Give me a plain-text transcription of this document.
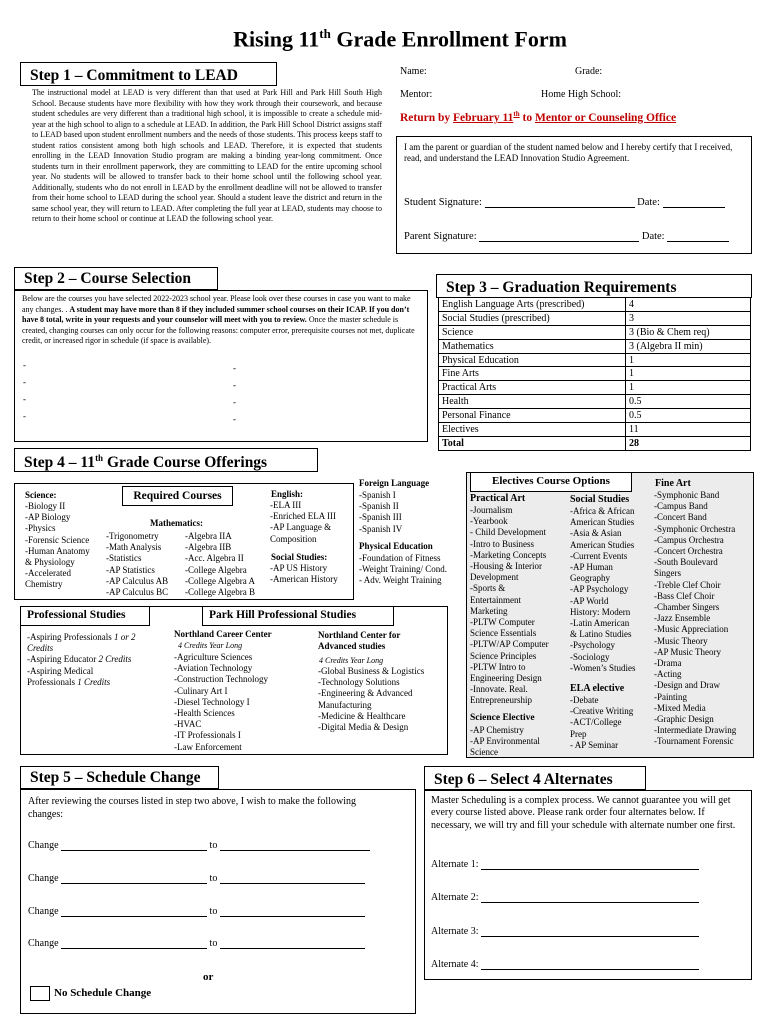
Rising 11th Grade Enrollment Form
Step 1 – Commitment to LEAD
The instructional model at LEAD is very different than that used at Park Hill and Park Hill South High School. Because students have more flexibility with how they work through their coursework, and because student schedules are very different than a traditional high school, it is impossible to create a schedule mid-year at the high school to align to a schedule at LEAD. In addition, the Park Hill School District assigns staff to LEAD based upon student enrollment numbers and the needs of those students. This process keeps staff to student ratios consistent among both high schools and LEAD. Therefore, it is expected that students enrolling in the LEAD Innovation Studio program are making a binding year-long commitment. Once students turn in their enrollment paperwork, they are committing to LEAD for the entire upcoming school year. No students will be allowed to transfer back to their home school until the following school year. Additionally, students who do not enroll in LEAD by the enrollment deadline will not be allowed to transfer from their home school to LEAD during the school year. Should a student leave the district and return in the same school year, they will return to LEAD. After completing the full year at LEAD, students may choose to return to their home school or continue at LEAD the following school year.
Name:	Grade:
Mentor:	Home High School:
Return by February 11th to Mentor or Counseling Office
I am the parent or guardian of the student named below and I hereby certify that I received, read, and understand the LEAD Innovation Studio Agreement.
Student Signature:	Date:
Parent Signature:	Date:
Step 2 – Course Selection
Below are the courses you have selected 2022-2023 school year. Please look over these courses in case you want to make any changes. . A student may have more than 8 if they included summer school courses on their ICAP. If you don’t have 8 total, write in your requests and your counselor will meet with you to review. Once the master schedule is created, changing courses can only occur for the following reasons: computer error, prerequisite courses not met, duplicate credit, or increased rigor in schedule (if space is available).
-
-
-
-
-
-
-
-
Step 3 – Graduation Requirements
English Language Arts (prescribed)	4
Social Studies (prescribed)	3
Science	3 (Bio & Chem req)
Mathematics	3 (Algebra II min)
Physical Education	1
Fine Arts	1
Practical Arts	1
Health	0.5
Personal Finance	0.5
Electives	11
Total	28
Step 4 – 11th Grade Course Offerings
Required Courses
Science:
-Biology II
-AP Biology
-Physics
-Forensic Science
-Human Anatomy
& Physiology
-Accelerated
Chemistry
Mathematics:
-Trigonometry
-Math Analysis
-Statistics
-AP Statistics
-AP Calculus AB
-AP Calculus BC
-Algebra IIA
-Algebra IIB
-Acc. Algebra II
-College Algebra
-College Algebra A
-College Algebra B
English:
-ELA III
-Enriched ELA III
-AP Language &
Composition
Social Studies:
-AP US History
-American History
Foreign Language
-Spanish I
-Spanish II
-Spanish III
-Spanish IV
Physical Education
-Foundation of Fitness
-Weight Training/ Cond.
- Adv. Weight Training
Professional Studies	Park Hill Professional Studies
-Aspiring Professionals 1 or 2
Credits
-Aspiring Educator 2 Credits
-Aspiring Medical
Professionals 1 Credits
Northland Career Center
4 Credits Year Long
-Agriculture Sciences
-Aviation Technology
-Construction Technology
-Culinary Art I
-Diesel Technology I
-Health Sciences
-HVAC
-IT Professionals I
-Law Enforcement
Northland Center for
Advanced studies
4 Credits Year Long
-Global Business & Logistics
-Technology Solutions
-Engineering & Advanced
Manufacturing
-Medicine & Healthcare
-Digital Media & Design
Electives Course Options
Practical Art
-Journalism
-Yearbook
- Child Development
-Intro to Business
-Marketing Concepts
-Housing & Interior
Development
-Sports &
Entertainment
Marketing
-PLTW Computer
Science Essentials
-PLTW/AP Computer
Science Principles
-PLTW Intro to
Engineering Design
-Innovate. Real.
Entrepreneurship
Science Elective
-AP Chemistry
-AP Environmental
Science
Social Studies
-Africa & African
American Studies
-Asia & Asian
American Studies
-Current Events
-AP Human
Geography
-AP Psychology
-AP World
History: Modern
-Latin American
& Latino Studies
-Psychology
-Sociology
-Women’s Studies
ELA elective
-Debate
-Creative Writing
-ACT/College
Prep
- AP Seminar
Fine Art
-Symphonic Band
-Campus Band
-Concert Band
-Symphonic Orchestra
-Campus Orchestra
-Concert Orchestra
-South Boulevard
Singers
-Treble Clef Choir
-Bass Clef Choir
-Chamber Singers
-Jazz Ensemble
-Music Appreciation
-Music Theory
-AP Music Theory
-Drama
-Acting
-Design and Draw
-Painting
-Mixed Media
-Graphic Design
-Intermediate Drawing
-Tournament Forensic
Step 5 – Schedule Change
After reviewing the courses listed in step two above, I wish to make the following changes:
Change	to
Change	to
Change	to
Change	to
or
No Schedule Change
Step 6 – Select 4 Alternates
Master Scheduling is a complex process. We cannot guarantee you will get every course listed above. Please rank order four alternates below. If necessary, we will try and fill your schedule with alternate number one first.
Alternate 1:
Alternate 2:
Alternate 3:
Alternate 4:
